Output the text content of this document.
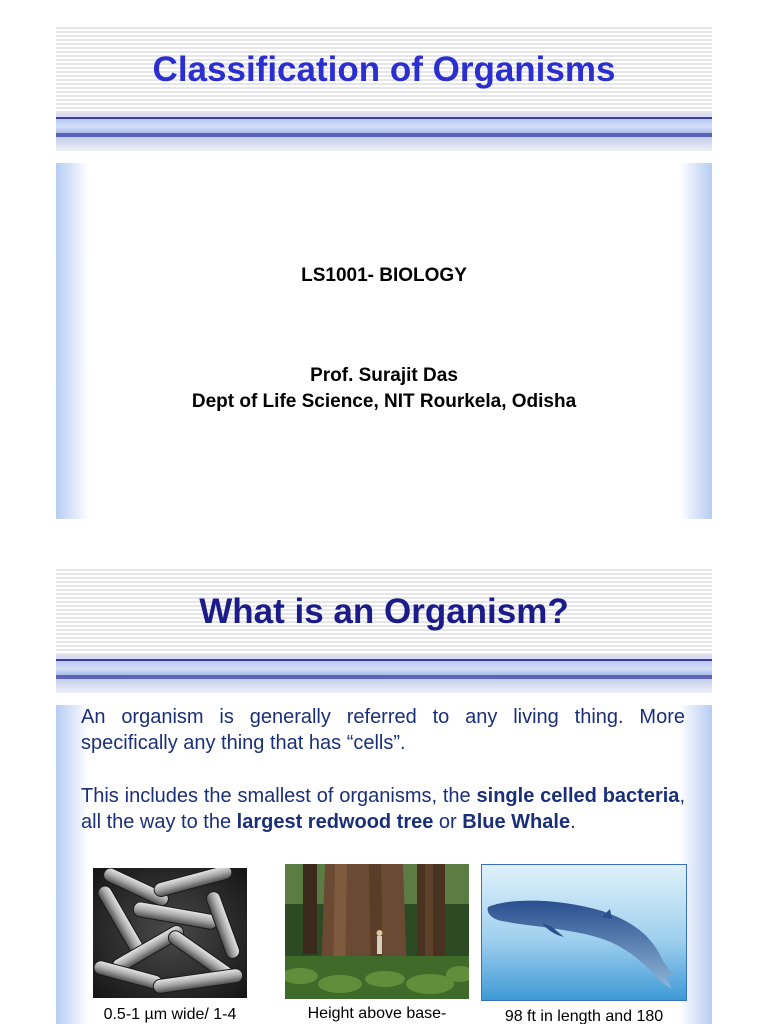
Classification of Organisms
LS1001- BIOLOGY
Prof. Surajit Das
Dept of Life Science, NIT Rourkela, Odisha
What is an Organism?
An organism is generally referred to any living thing. More specifically any thing that has “cells”.
This includes the smallest of organisms, the single celled bacteria, all the way to the largest redwood tree or Blue Whale.
0.5-1 µm wide/ 1-4	Height above base-	98 ft in length and 180
